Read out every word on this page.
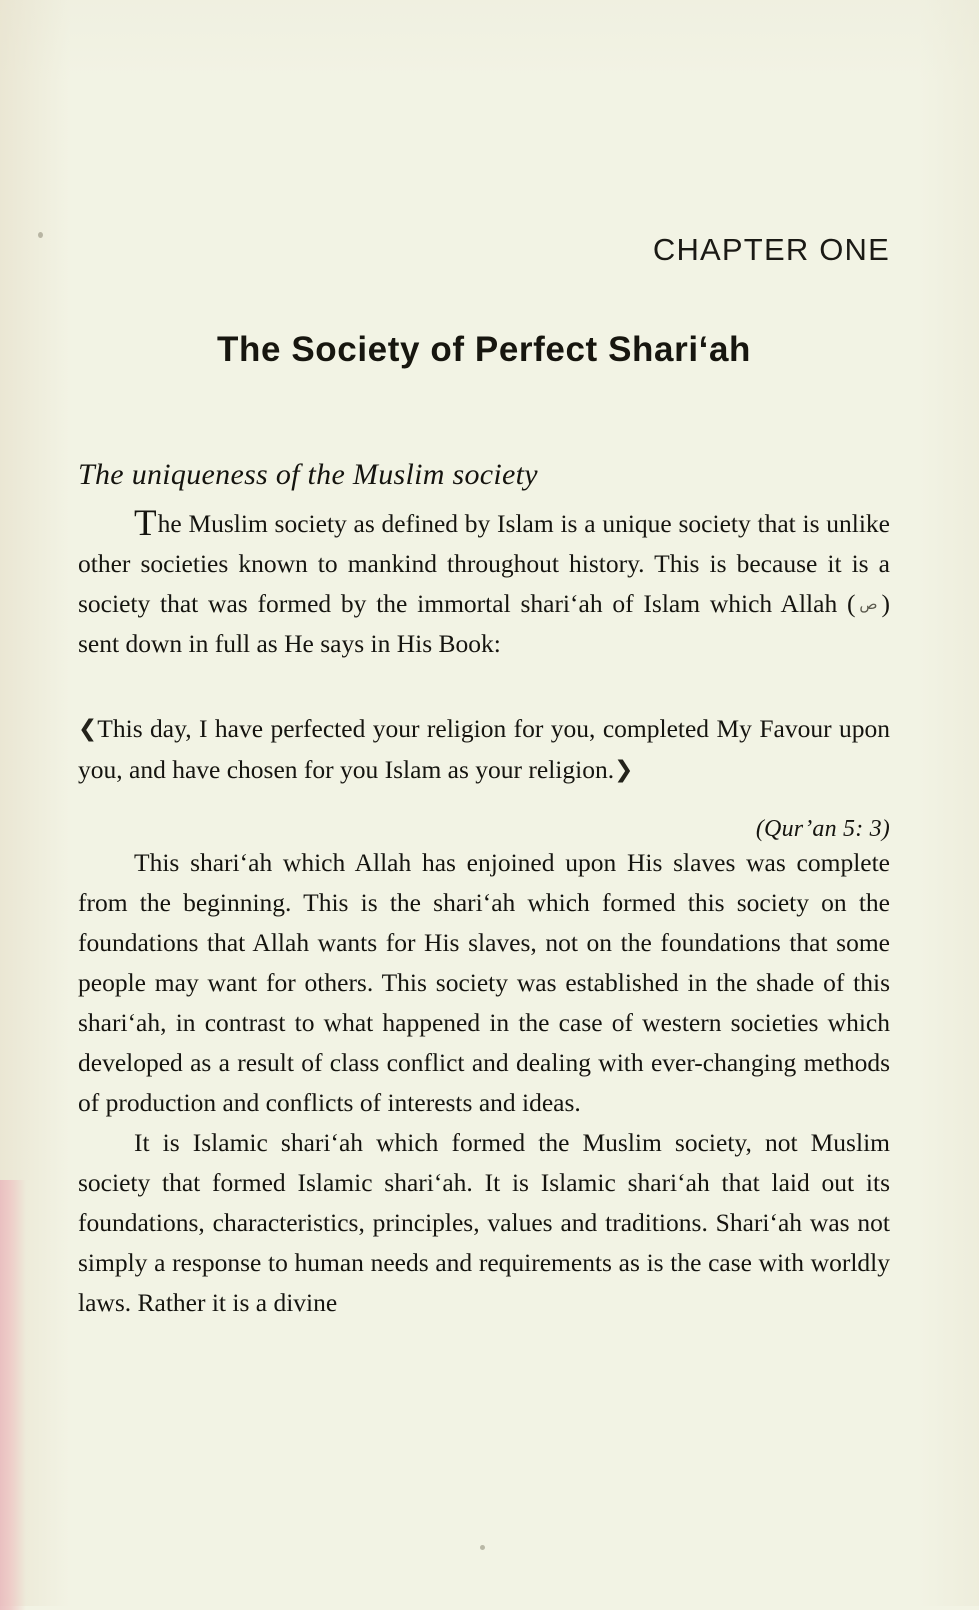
CHAPTER ONE
The Society of Perfect Shari‘ah
The uniqueness of the Muslim society

The Muslim society as defined by Islam is a unique society that is unlike other societies known to mankind throughout history. This is because it is a society that was formed by the immortal shari‘ah of Islam which Allah ( ص ) sent down in full as He says in His Book:

❮This day, I have perfected your religion for you, completed My Favour upon you, and have chosen for you Islam as your religion.❯

(Qur’an 5: 3)

This shari‘ah which Allah has enjoined upon His slaves was complete from the beginning. This is the shari‘ah which formed this society on the foundations that Allah wants for His slaves, not on the foundations that some people may want for others. This society was established in the shade of this shari‘ah, in contrast to what happened in the case of western societies which developed as a result of class conflict and dealing with ever-changing methods of production and conflicts of interests and ideas.

It is Islamic shari‘ah which formed the Muslim society, not Muslim society that formed Islamic shari‘ah. It is Islamic shari‘ah that laid out its foundations, characteristics, principles, values and traditions. Shari‘ah was not simply a response to human needs and requirements as is the case with worldly laws. Rather it is a divine
